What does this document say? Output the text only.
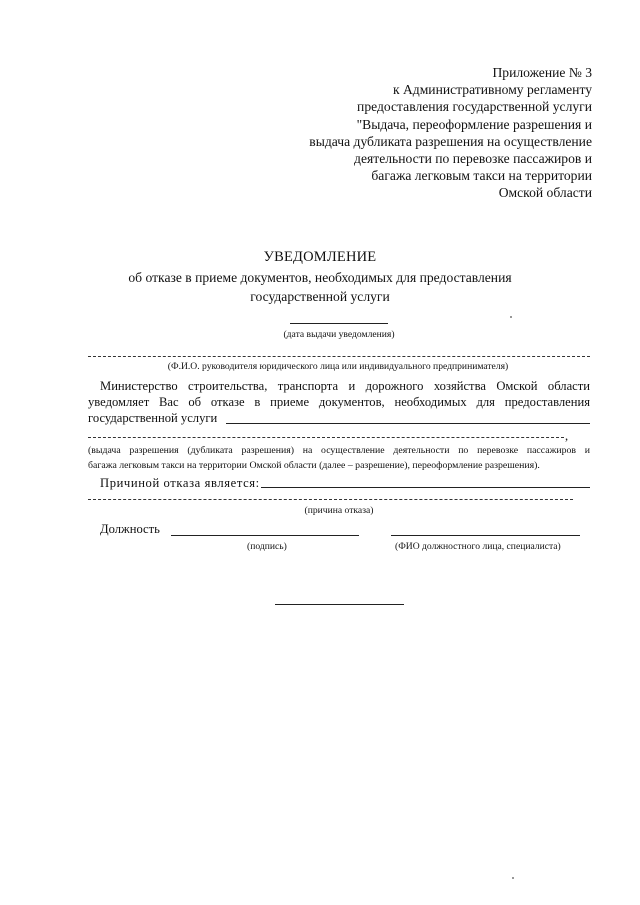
Приложение № 3
к Административному регламенту
предоставления государственной услуги
"Выдача, переоформление разрешения и
выдача дубликата разрешения на осуществление
деятельности по перевозке пассажиров и
багажа легковым такси на территории
Омской области
УВЕДОМЛЕНИЕ
об отказе в приеме документов, необходимых для предоставления
государственной услуги
(дата выдачи уведомления)
(Ф.И.О. руководителя юридического лица или индивидуального предпринимателя)
Министерство строительства, транспорта и дорожного хозяйства Омской области
уведомляет Вас об отказе в приеме документов, необходимых для предоставления
государственной услуги
,
(выдача разрешения (дубликата разрешения) на осуществление деятельности по перевозке пассажиров и
багажа легковым такси на территории Омской области (далее – разрешение), переоформление разрешения).
Причиной отказа является:
(причина отказа)
Должность
(подпись)	(ФИО должностного лица, специалиста)
